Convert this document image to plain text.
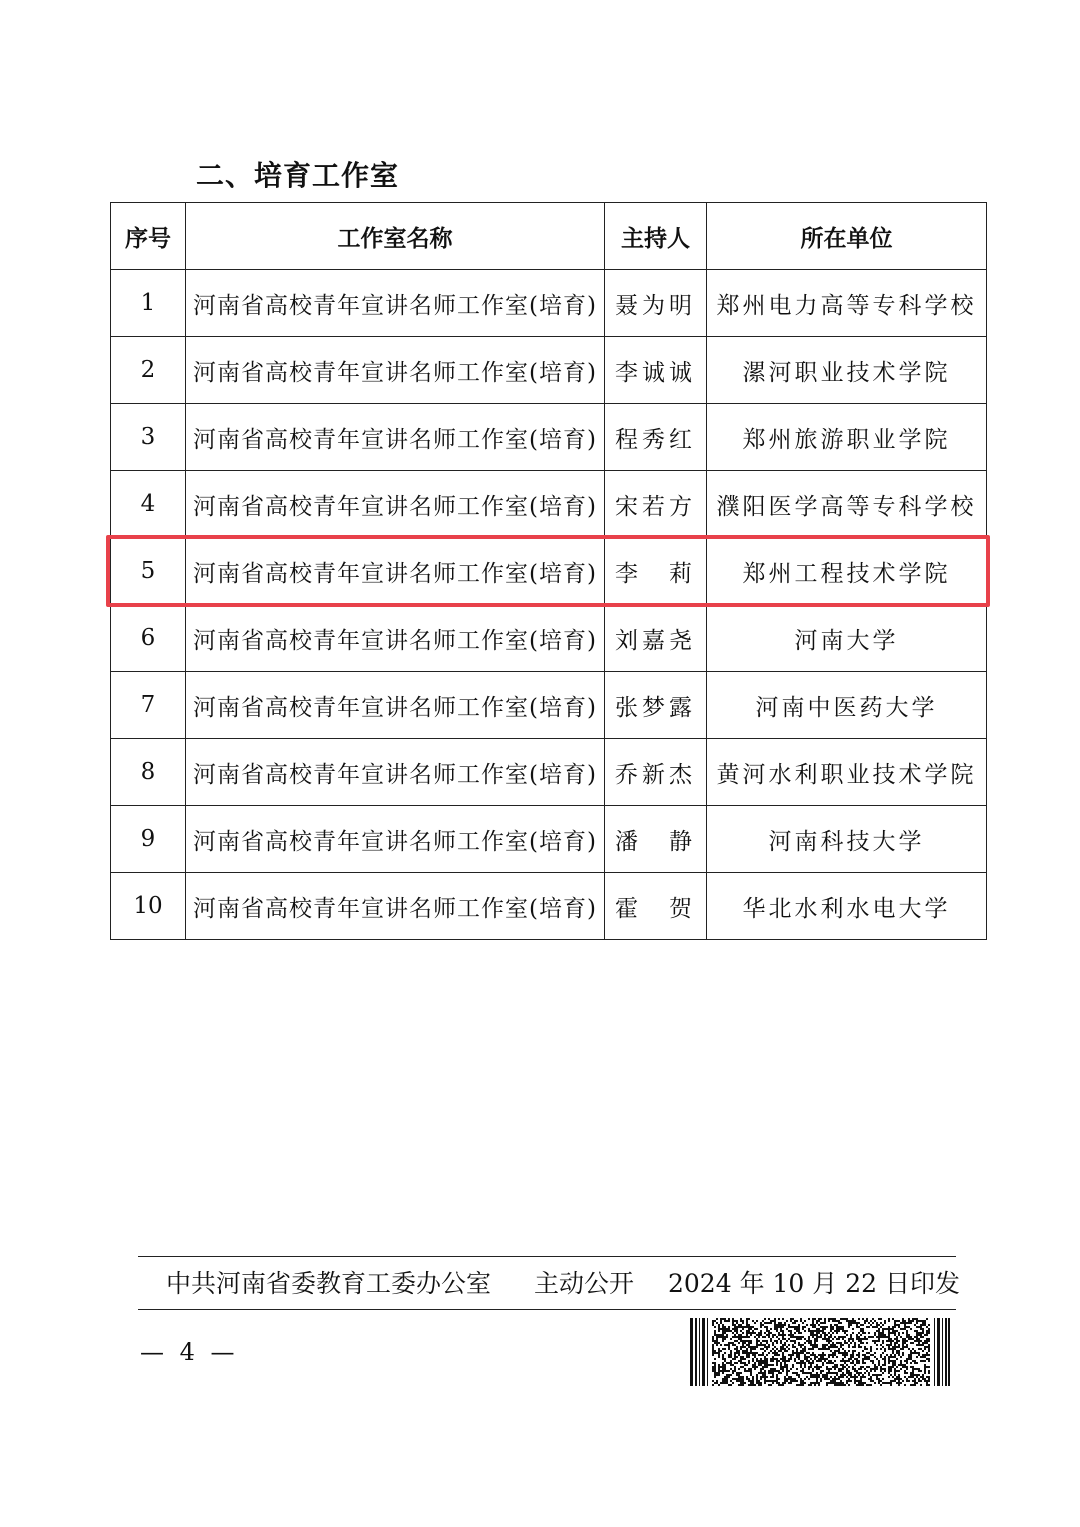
二、培育工作室
序号	工作室名称	主持人	所在单位
1	河南省高校青年宣讲名师工作室(培育)	聂为明	郑州电力高等专科学校
2	河南省高校青年宣讲名师工作室(培育)	李诚诚	漯河职业技术学院
3	河南省高校青年宣讲名师工作室(培育)	程秀红	郑州旅游职业学院
4	河南省高校青年宣讲名师工作室(培育)	宋若方	濮阳医学高等专科学校
5	河南省高校青年宣讲名师工作室(培育)	李　莉	郑州工程技术学院
6	河南省高校青年宣讲名师工作室(培育)	刘嘉尧	河南大学
7	河南省高校青年宣讲名师工作室(培育)	张梦露	河南中医药大学
8	河南省高校青年宣讲名师工作室(培育)	乔新杰	黄河水利职业技术学院
9	河南省高校青年宣讲名师工作室(培育)	潘　静	河南科技大学
10	河南省高校青年宣讲名师工作室(培育)	霍　贺	华北水利水电大学
中共河南省委教育工委办公室 主动公开 2024 年 10 月 22 日印发
— 4 —
